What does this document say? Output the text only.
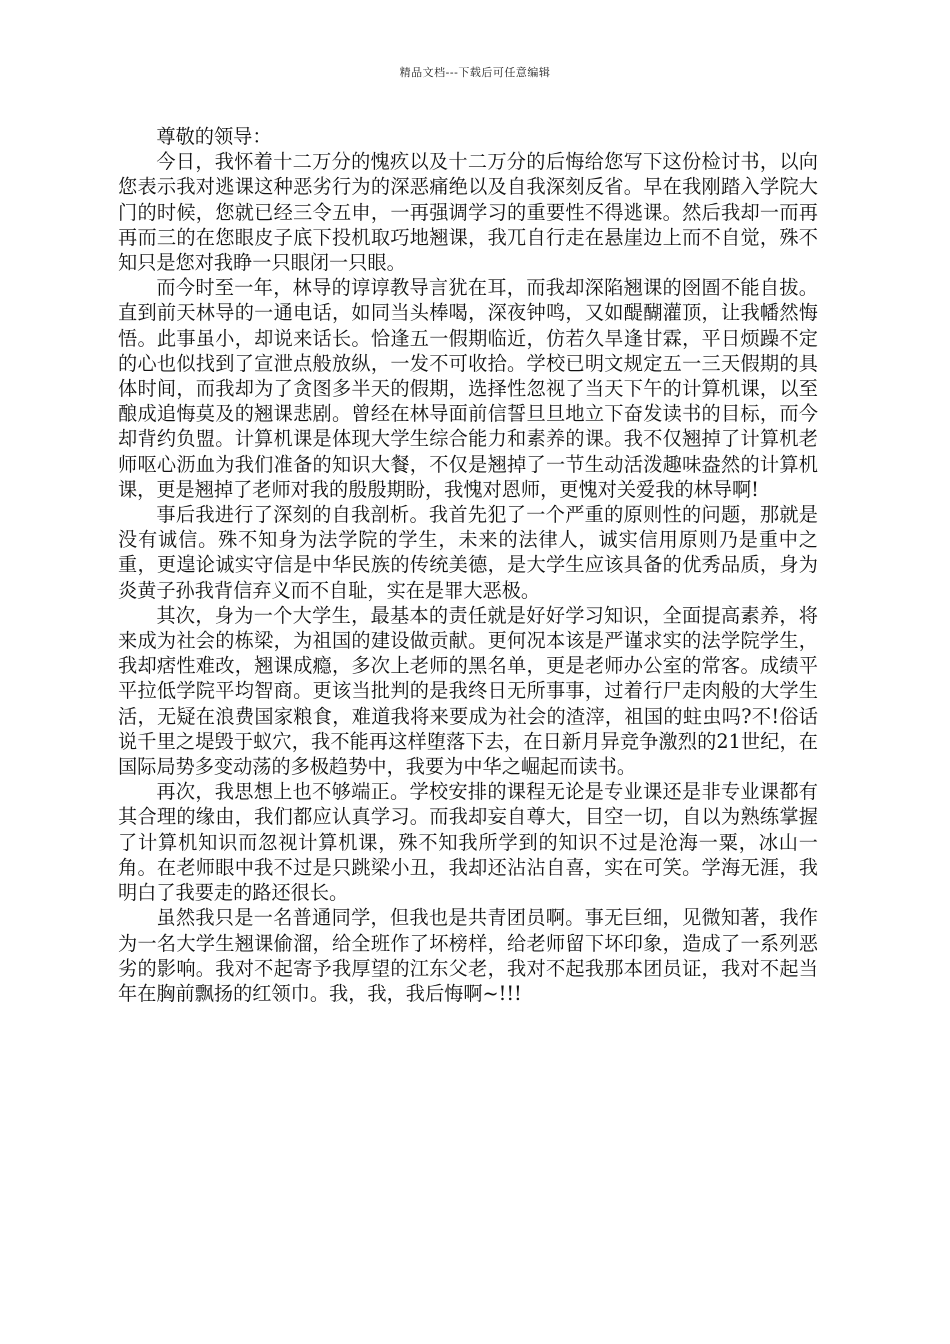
精品文档---下载后可任意编辑

尊敬的领导：

今日，我怀着十二万分的愧疚以及十二万分的后悔给您写下这份检讨书，以向您表示我对逃课这种恶劣行为的深恶痛绝以及自我深刻反省。早在我刚踏入学院大门的时候，您就已经三令五申，一再强调学习的重要性不得逃课。然后我却一而再再而三的在您眼皮子底下投机取巧地翘课，我兀自行走在悬崖边上而不自觉，殊不知只是您对我睁一只眼闭一只眼。

而今时至一年，林导的谆谆教导言犹在耳，而我却深陷翘课的囹圄不能自拔。直到前天林导的一通电话，如同当头棒喝，深夜钟鸣，又如醍醐灌顶，让我幡然悔悟。此事虽小，却说来话长。恰逢五一假期临近，仿若久旱逢甘霖，平日烦躁不定的心也似找到了宣泄点般放纵，一发不可收拾。学校已明文规定五一三天假期的具体时间，而我却为了贪图多半天的假期，选择性忽视了当天下午的计算机课，以至酿成追悔莫及的翘课悲剧。曾经在林导面前信誓旦旦地立下奋发读书的目标，而今却背约负盟。计算机课是体现大学生综合能力和素养的课。我不仅翘掉了计算机老师呕心沥血为我们准备的知识大餐，不仅是翘掉了一节生动活泼趣味盎然的计算机课，更是翘掉了老师对我的殷殷期盼，我愧对恩师，更愧对关爱我的林导啊!

事后我进行了深刻的自我剖析。我首先犯了一个严重的原则性的问题，那就是没有诚信。殊不知身为法学院的学生，未来的法律人，诚实信用原则乃是重中之重，更遑论诚实守信是中华民族的传统美德，是大学生应该具备的优秀品质，身为炎黄子孙我背信弃义而不自耻，实在是罪大恶极。

其次，身为一个大学生，最基本的责任就是好好学习知识，全面提高素养，将来成为社会的栋梁，为祖国的建设做贡献。更何况本该是严谨求实的法学院学生，我却痞性难改，翘课成瘾，多次上老师的黑名单，更是老师办公室的常客。成绩平平拉低学院平均智商。更该当批判的是我终日无所事事，过着行尸走肉般的大学生活，无疑在浪费国家粮食，难道我将来要成为社会的渣滓，祖国的蛀虫吗?不!俗话说千里之堤毁于蚁穴，我不能再这样堕落下去，在日新月异竞争激烈的21世纪，在国际局势多变动荡的多极趋势中，我要为中华之崛起而读书。

再次，我思想上也不够端正。学校安排的课程无论是专业课还是非专业课都有其合理的缘由，我们都应认真学习。而我却妄自尊大，目空一切，自以为熟练掌握了计算机知识而忽视计算机课，殊不知我所学到的知识不过是沧海一粟，冰山一角。在老师眼中我不过是只跳梁小丑，我却还沾沾自喜，实在可笑。学海无涯，我明白了我要走的路还很长。

虽然我只是一名普通同学，但我也是共青团员啊。事无巨细，见微知著，我作为一名大学生翘课偷溜，给全班作了坏榜样，给老师留下坏印象，造成了一系列恶劣的影响。我对不起寄予我厚望的江东父老，我对不起我那本团员证，我对不起当年在胸前飘扬的红领巾。我，我，我后悔啊~!!!
